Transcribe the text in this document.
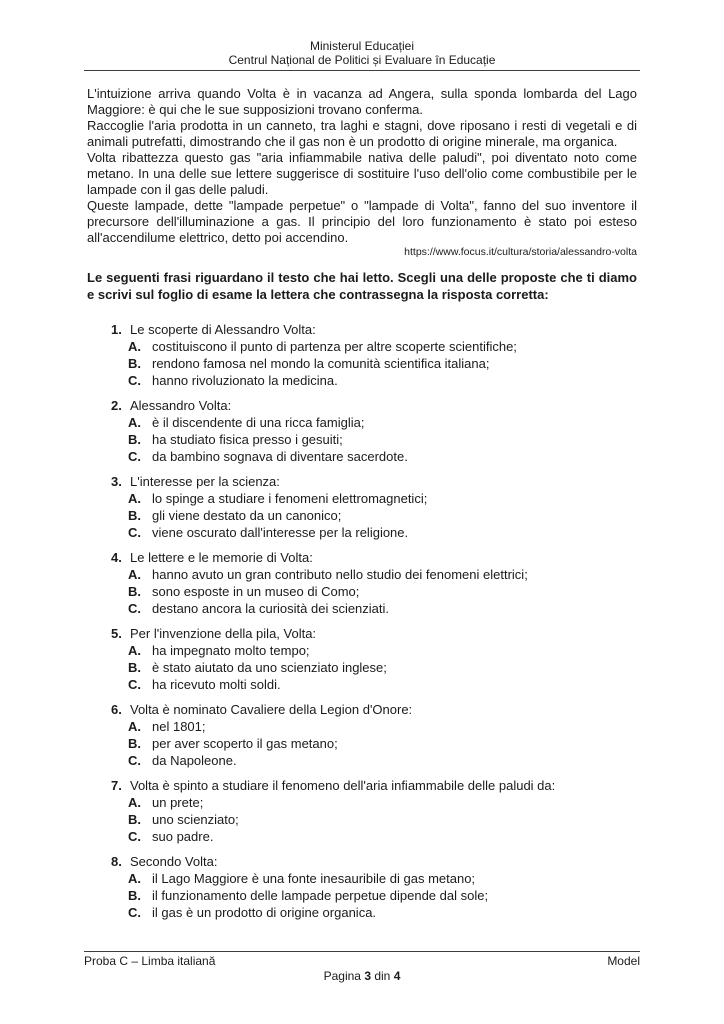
Ministerul Educației
Centrul Național de Politici și Evaluare în Educație

L'intuizione arriva quando Volta è in vacanza ad Angera, sulla sponda lombarda del Lago Maggiore: è qui che le sue supposizioni trovano conferma.

Raccoglie l'aria prodotta in un canneto, tra laghi e stagni, dove riposano i resti di vegetali e di animali putrefatti, dimostrando che il gas non è un prodotto di origine minerale, ma organica.

Volta ribattezza questo gas "aria infiammabile nativa delle paludi", poi diventato noto come metano. In una delle sue lettere suggerisce di sostituire l'uso dell'olio come combustibile per le lampade con il gas delle paludi.

Queste lampade, dette "lampade perpetue" o "lampade di Volta", fanno del suo inventore il precursore dell'illuminazione a gas. Il principio del loro funzionamento è stato poi esteso all'accendilume elettrico, detto poi accendino.

https://www.focus.it/cultura/storia/alessandro-volta

Le seguenti frasi riguardano il testo che hai letto. Scegli una delle proposte che ti diamo e scrivi sul foglio di esame la lettera che contrassegna la risposta corretta:

1. Le scoperte di Alessandro Volta:
A. costituiscono il punto di partenza per altre scoperte scientifiche;
B. rendono famosa nel mondo la comunità scientifica italiana;
C. hanno rivoluzionato la medicina.
2. Alessandro Volta:
A. è il discendente di una ricca famiglia;
B. ha studiato fisica presso i gesuiti;
C. da bambino sognava di diventare sacerdote.
3. L'interesse per la scienza:
A. lo spinge a studiare i fenomeni elettromagnetici;
B. gli viene destato da un canonico;
C. viene oscurato dall'interesse per la religione.
4. Le lettere e le memorie di Volta:
A. hanno avuto un gran contributo nello studio dei fenomeni elettrici;
B. sono esposte in un museo di Como;
C. destano ancora la curiosità dei scienziati.
5. Per l'invenzione della pila, Volta:
A. ha impegnato molto tempo;
B. è stato aiutato da uno scienziato inglese;
C. ha ricevuto molti soldi.
6. Volta è nominato Cavaliere della Legion d'Onore:
A. nel 1801;
B. per aver scoperto il gas metano;
C. da Napoleone.
7. Volta è spinto a studiare il fenomeno dell'aria infiammabile delle paludi da:
A. un prete;
B. uno scienziato;
C. suo padre.
8. Secondo Volta:
A. il Lago Maggiore è una fonte inesauribile di gas metano;
B. il funzionamento delle lampade perpetue dipende dal sole;
C. il gas è un prodotto di origine organica.
Proba C – Limba italiană	Model
Pagina 3 din 4
